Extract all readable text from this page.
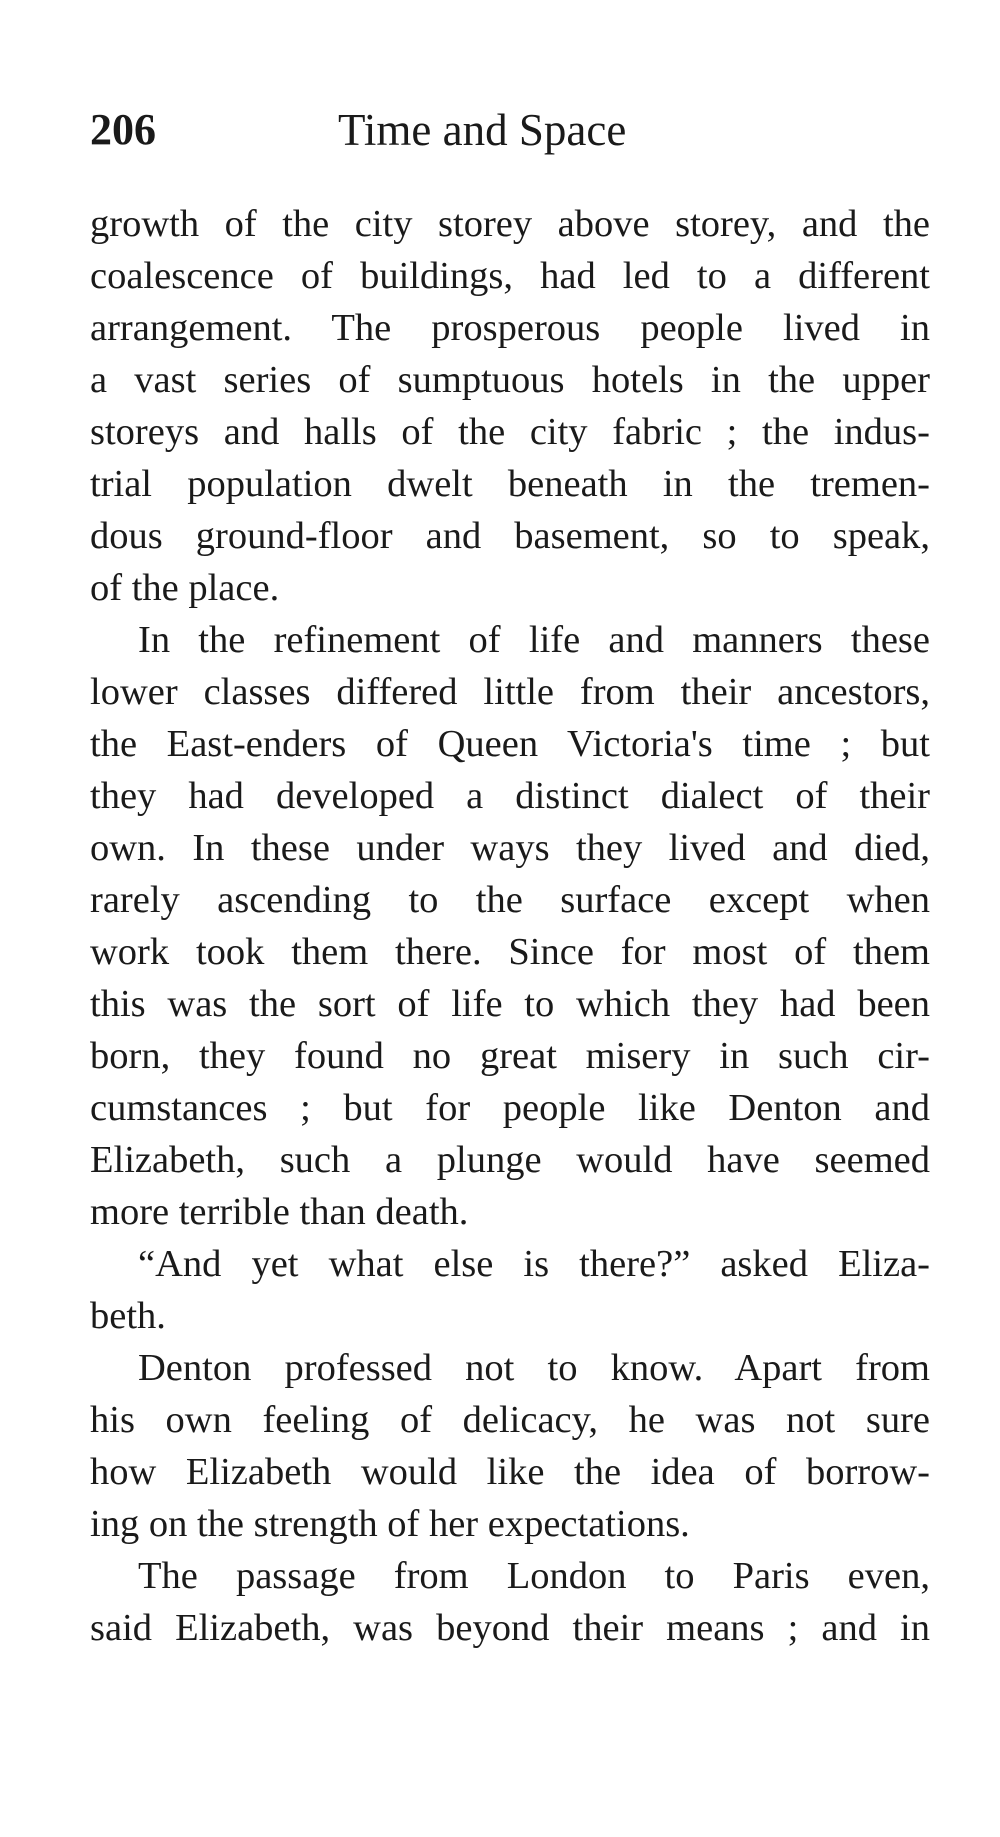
206	Time and Space
growth of the city storey above storey, and the
coalescence of buildings, had led to a different
arrangement. The prosperous people lived in
a vast series of sumptuous hotels in the upper
storeys and halls of the city fabric ; the indus-
trial population dwelt beneath in the tremen-
dous ground-floor and basement, so to speak,
of the place.
In the refinement of life and manners these
lower classes differed little from their ancestors,
the East-enders of Queen Victoria's time ; but
they had developed a distinct dialect of their
own. In these under ways they lived and died,
rarely ascending to the surface except when
work took them there. Since for most of them
this was the sort of life to which they had been
born, they found no great misery in such cir-
cumstances ; but for people like Denton and
Elizabeth, such a plunge would have seemed
more terrible than death.
“And yet what else is there?” asked Eliza-
beth.
Denton professed not to know. Apart from
his own feeling of delicacy, he was not sure
how Elizabeth would like the idea of borrow-
ing on the strength of her expectations.
The passage from London to Paris even,
said Elizabeth, was beyond their means ; and in
